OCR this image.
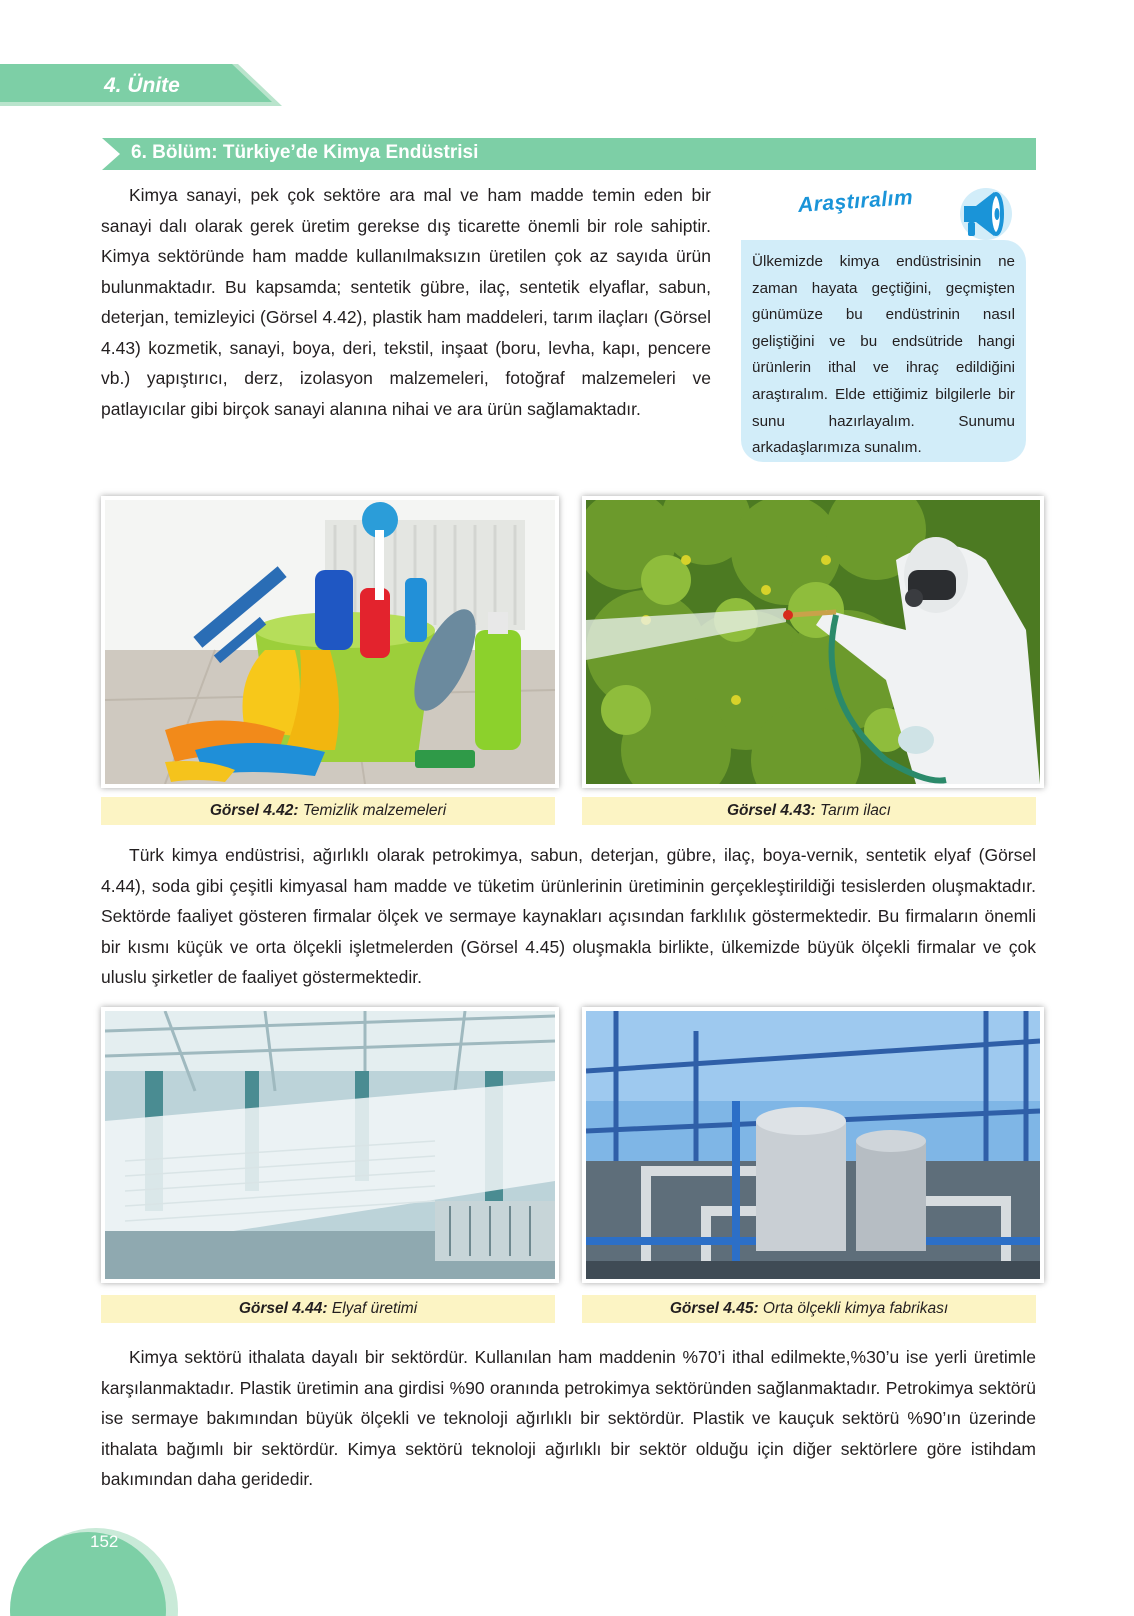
4. Ünite
6. Bölüm: Türkiye’de Kimya Endüstrisi

Kimya sanayi, pek çok sektöre ara mal ve ham madde temin eden bir sanayi dalı olarak gerek üretim gerekse dış ticarette önemli bir role sahiptir. Kimya sektöründe ham madde kullanılmaksızın üretilen çok az sayıda ürün bulunmaktadır. Bu kapsamda; sentetik gübre, ilaç, sentetik elyaflar, sabun, deterjan, temizleyici (Görsel 4.42), plastik ham maddeleri, tarım ilaçları (Görsel 4.43) kozmetik, sanayi, boya, deri, tekstil, inşaat (boru, levha, kapı, pencere vb.) yapıştırıcı, derz, izolasyon malzemeleri, fotoğraf malzemeleri ve patlayıcılar gibi birçok sanayi alanına nihai ve ara ürün sağlamaktadır.

Araştıralım
Ülkemizde kimya endüstrisinin ne zaman hayata geçtiğini, geçmişten günümüze bu endüstrinin nasıl geliştiğini ve bu endsütride hangi ürünlerin ithal ve ihraç edildiğini araştıralım. Elde ettiğimiz bilgilerle bir sunu hazırlayalım. Sunumu arkadaşlarımıza sunalım.
Görsel 4.42: Temizlik malzemeleri	Görsel 4.43: Tarım ilacı

Türk kimya endüstrisi, ağırlıklı olarak petrokimya, sabun, deterjan, gübre, ilaç, boya-vernik, sentetik elyaf (Görsel 4.44), soda gibi çeşitli kimyasal ham madde ve tüketim ürünlerinin üretiminin gerçekleştirildiği tesislerden oluşmaktadır. Sektörde faaliyet gösteren firmalar ölçek ve sermaye kaynakları açısından farklılık göstermektedir. Bu firmaların önemli bir kısmı küçük ve orta ölçekli işletmelerden (Görsel 4.45) oluşmakla birlikte, ülkemizde büyük ölçekli firmalar ve çok uluslu şirketler de faaliyet göstermektedir.

Görsel 4.44: Elyaf üretimi	Görsel 4.45: Orta ölçekli kimya fabrikası

Kimya sektörü ithalata dayalı bir sektördür. Kullanılan ham maddenin %70’i ithal edilmekte,%30’u ise yerli üretimle karşılanmaktadır. Plastik üretimin ana girdisi %90 oranında petrokimya sektöründen sağlanmaktadır. Petrokimya sektörü ise sermaye bakımından büyük ölçekli ve teknoloji ağırlıklı bir sektördür. Plastik ve kauçuk sektörü %90’ın üzerinde ithalata bağımlı bir sektördür. Kimya sektörü teknoloji ağırlıklı bir sektör olduğu için diğer sektörlere göre istihdam bakımından daha geridedir.

152
